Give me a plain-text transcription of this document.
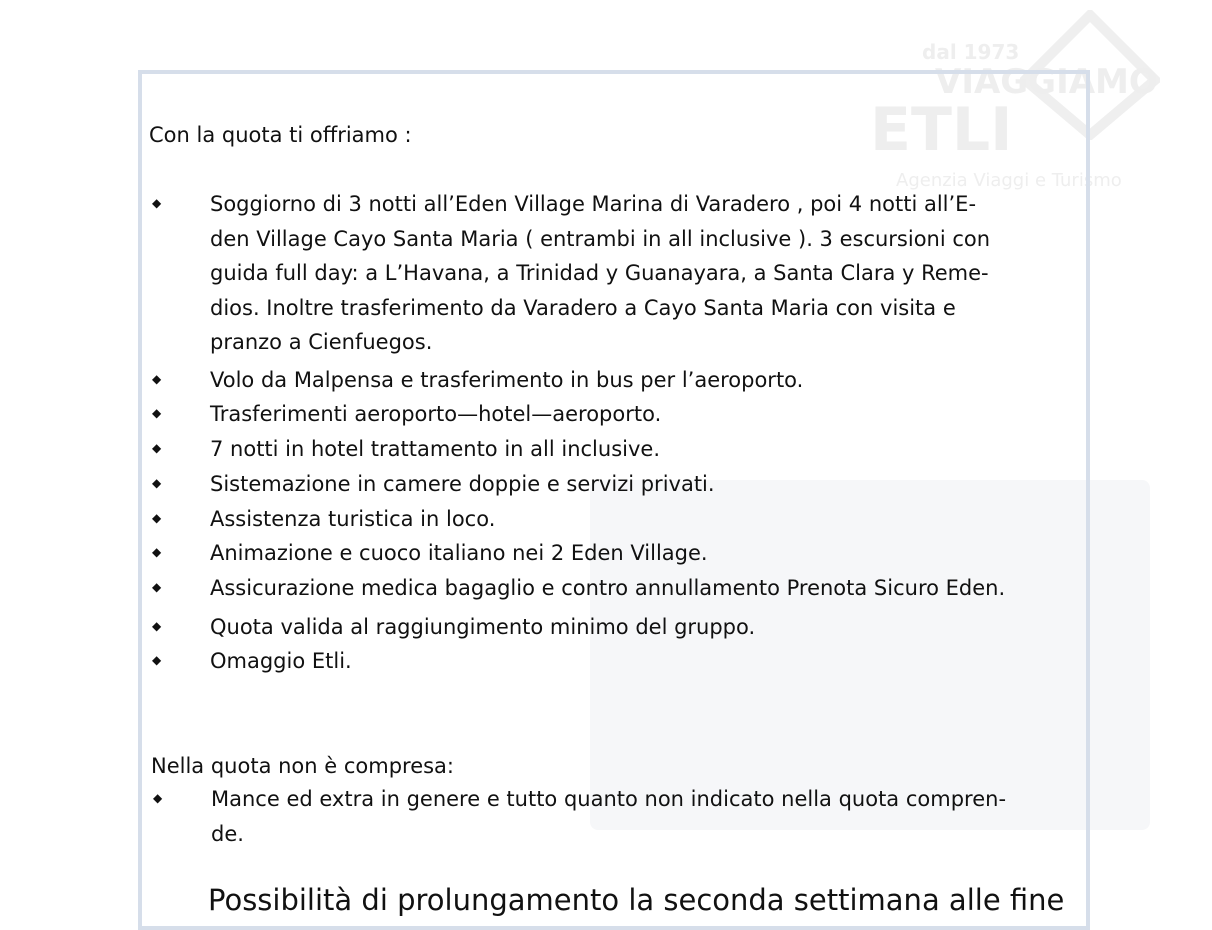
dal 1973
VIAGGIAMO
ETLI
Agenzia Viaggi e Turismo
Con la quota ti offriamo :
◆ Soggiorno di 3 notti all’Eden Village Marina di Varadero , poi 4 notti all’E-
den Village Cayo Santa Maria ( entrambi in all inclusive ). 3 escursioni con
guida full day: a L’Havana, a Trinidad y Guanayara, a Santa Clara y Reme-
dios. Inoltre trasferimento da Varadero a Cayo Santa Maria con visita e
pranzo a Cienfuegos.
◆ Volo da Malpensa e trasferimento in bus per l’aeroporto.
◆ Trasferimenti aeroporto—hotel—aeroporto.
◆ 7 notti in hotel trattamento in all inclusive.
◆ Sistemazione in camere doppie e servizi privati.
◆ Assistenza turistica in loco.
◆ Animazione e cuoco italiano nei 2 Eden Village.
◆ Assicurazione medica bagaglio e contro annullamento Prenota Sicuro Eden.
◆ Quota valida al raggiungimento minimo del gruppo.
◆ Omaggio Etli.
Nella quota non è compresa:
◆ Mance ed extra in genere e tutto quanto non indicato nella quota compren-
de.
Possibilità di prolungamento la seconda settimana alle fine
